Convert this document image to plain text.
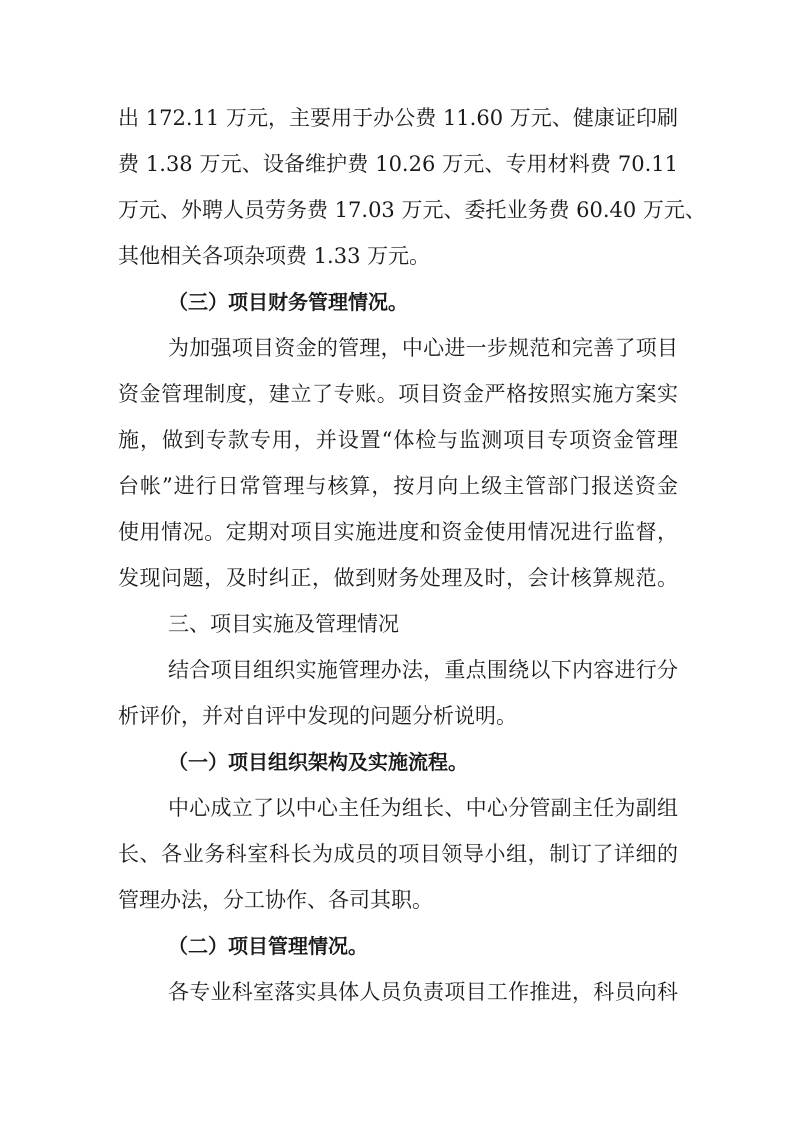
出 172.11 万元，主要用于办公费 11.60 万元、健康证印刷
费 1.38 万元、设备维护费 10.26 万元、专用材料费 70.11
万元、外聘人员劳务费 17.03 万元、委托业务费 60.40 万元、
其他相关各项杂项费 1.33 万元。
（三）项目财务管理情况。
为加强项目资金的管理，中心进一步规范和完善了项目
资金管理制度，建立了专账。项目资金严格按照实施方案实
施，做到专款专用，并设置“体检与监测项目专项资金管理
台帐”进行日常管理与核算，按月向上级主管部门报送资金
使用情况。定期对项目实施进度和资金使用情况进行监督，
发现问题，及时纠正，做到财务处理及时，会计核算规范。
三、项目实施及管理情况
结合项目组织实施管理办法，重点围绕以下内容进行分
析评价，并对自评中发现的问题分析说明。
（一）项目组织架构及实施流程。
中心成立了以中心主任为组长、中心分管副主任为副组
长、各业务科室科长为成员的项目领导小组，制订了详细的
管理办法，分工协作、各司其职。
（二）项目管理情况。
各专业科室落实具体人员负责项目工作推进，科员向科
